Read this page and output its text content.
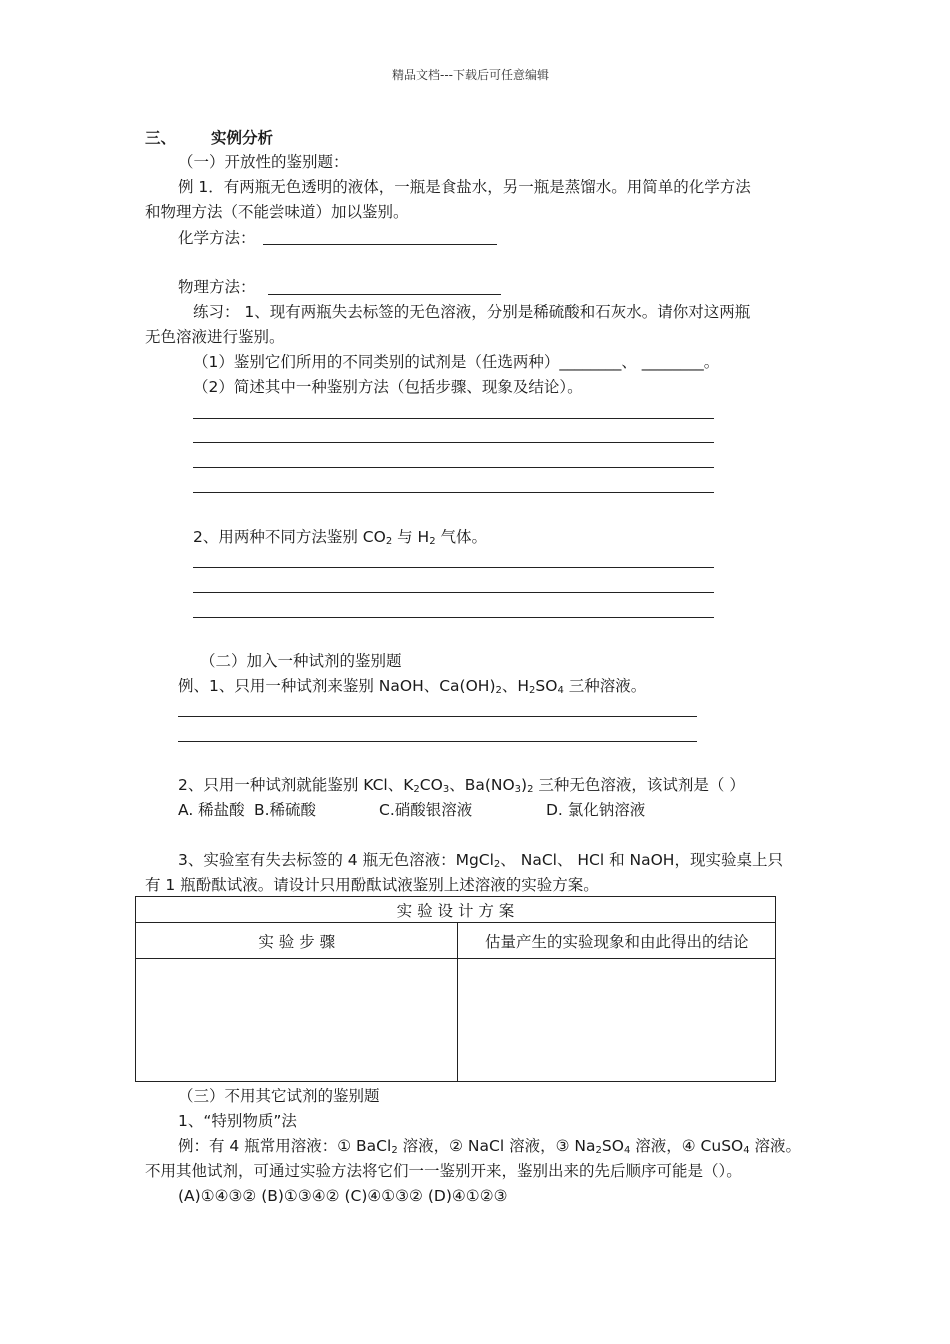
精品文档---下载后可任意编辑
三、 实例分析
（一）开放性的鉴别题：
例 1．有两瓶无色透明的液体，一瓶是食盐水，另一瓶是蒸馏水。用简单的化学方法
和物理方法（不能尝味道）加以鉴别。
化学方法：
物理方法：
练习： 1、现有两瓶失去标签的无色溶液，分别是稀硫酸和石灰水。请你对这两瓶
无色溶液进行鉴别。
（1）鉴别它们所用的不同类别的试剂是（任选两种）________、 ________。
（2）简述其中一种鉴别方法（包括步骤、现象及结论）。
2、用两种不同方法鉴别 $CO_2$ 与 $H_2$ 气体。
（二）加入一种试剂的鉴别题
例、1、只用一种试剂来鉴别 NaOH、$Ca(OH)_2$、$H_2SO_4$ 三种溶液。
2、只用一种试剂就能鉴别 KCl、$K_2CO_3$、$Ba(NO_3)_2$ 三种无色溶液，该试剂是（ ）
A. 稀盐酸 B.稀硫酸	C.硝酸银溶液	D. 氯化钠溶液
3、实验室有失去标签的 4 瓶无色溶液：MgCl$_2$、 NaCl、 HCl 和 NaOH，现实验桌上只
有 1 瓶酚酞试液。请设计只用酚酞试液鉴别上述溶液的实验方案。
实 验 设 计 方 案	
实 验 步 骤	估量产生的实验现象和由此得出的结论

（三）不用其它试剂的鉴别题
1、“特别物质”法
例：有 4 瓶常用溶液：① BaCl$_2$ 溶液，② NaCl 溶液，③ $Na_2SO_4$ 溶液，④ CuSO$_4$ 溶液。
不用其他试剂，可通过实验方法将它们一一鉴别开来，鉴别出来的先后顺序可能是（）。
(A)①④③② (B)①③④② (C)④①③② (D)④①②③
